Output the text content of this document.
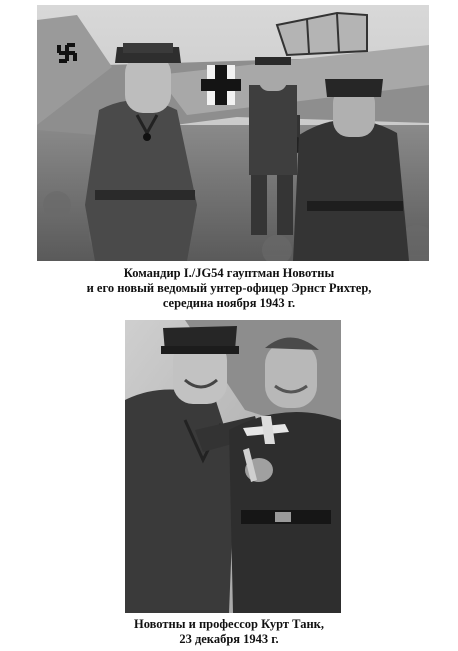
Командир I./JG54 гауптман Новотны
и его новый ведомый унтер-офицер Эрнст Рихтер,
середина ноября 1943 г.
Новотны и профессор Курт Танк,
23 декабря 1943 г.
